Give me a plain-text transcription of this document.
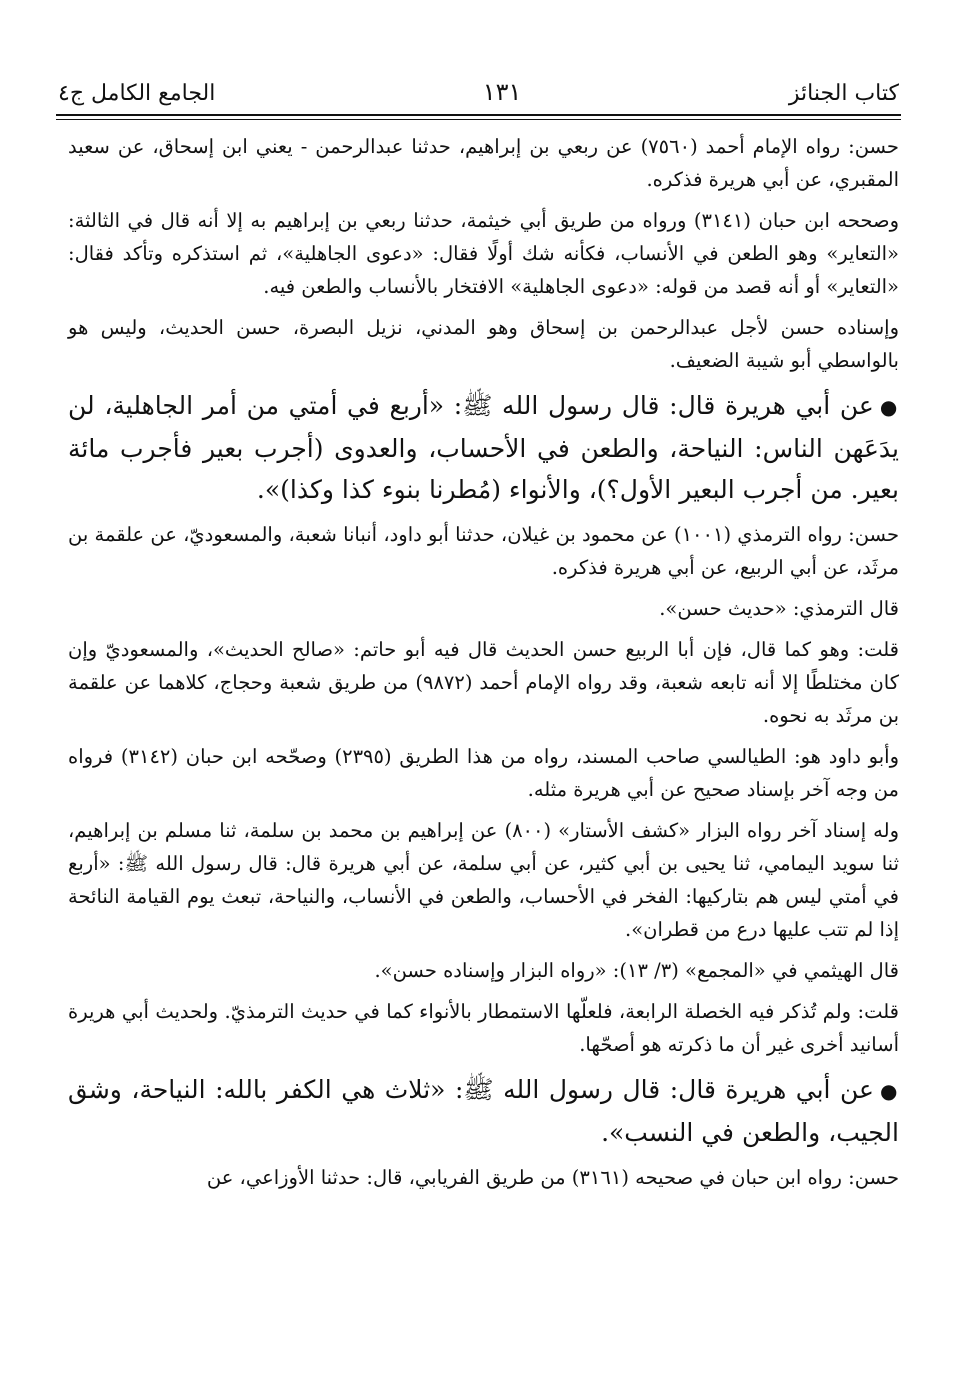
كتاب الجنائز
١٣١
الجامع الكامل ج٤

حسن: رواه الإمام أحمد (٧٥٦٠) عن ربعي بن إبراهيم، حدثنا عبدالرحمن - يعني ابن إسحاق، عن سعيد المقبري، عن أبي هريرة فذكره.

وصححه ابن حبان (٣١٤١) ورواه من طريق أبي خيثمة، حدثنا ربعي بن إبراهيم به إلا أنه قال في الثالثة: «التعاير» وهو الطعن في الأنساب، فكأنه شك أولًا فقال: «دعوى الجاهلية»، ثم استذكره وتأكد فقال: «التعاير» أو أنه قصد من قوله: «دعوى الجاهلية» الافتخار بالأنساب والطعن فيه.

وإسناده حسن لأجل عبدالرحمن بن إسحاق وهو المدني، نزيل البصرة، حسن الحديث، وليس هو بالواسطي أبو شيبة الضعيف.

●عن أبي هريرة قال: قال رسول الله ﷺ: «أربع في أمتي من أمر الجاهلية، لن يدَعَهن الناس: النياحة، والطعن في الأحساب، والعدوى (أجرب بعير فأجرب مائة بعير. من أجرب البعير الأول؟)، والأنواء (مُطرنا بنوء كذا وكذا)».

حسن: رواه الترمذي (١٠٠١) عن محمود بن غيلان، حدثنا أبو داود، أنبانا شعبة، والمسعوديّ، عن علقمة بن مرثَد، عن أبي الربيع، عن أبي هريرة فذكره.

قال الترمذي: «حديث حسن».

قلت: وهو كما قال، فإن أبا الربيع حسن الحديث قال فيه أبو حاتم: «صالح الحديث»، والمسعوديّ وإن كان مختلطًا إلا أنه تابعه شعبة، وقد رواه الإمام أحمد (٩٨٧٢) من طريق شعبة وحجاج، كلاهما عن علقمة بن مرثَد به نحوه.

وأبو داود هو: الطيالسي صاحب المسند، رواه من هذا الطريق (٢٣٩٥) وصحّحه ابن حبان (٣١٤٢) فرواه من وجه آخر بإسناد صحيح عن أبي هريرة مثله.

وله إسناد آخر رواه البزار «كشف الأستار» (٨٠٠) عن إبراهيم بن محمد بن سلمة، ثنا مسلم بن إبراهيم، ثنا سويد اليمامي، ثنا يحيى بن أبي كثير، عن أبي سلمة، عن أبي هريرة قال: قال رسول الله ﷺ: «أربع في أمتي ليس هم بتاركيها: الفخر في الأحساب، والطعن في الأنساب، والنياحة، تبعث يوم القيامة النائحة إذا لم تتب عليها درع من قطران».

قال الهيثمي في «المجمع» (٣/ ١٣): «رواه البزار وإسناده حسن».

قلت: ولم تُذكر فيه الخصلة الرابعة، فلعلّها الاستمطار بالأنواء كما في حديث الترمذيّ. ولحديث أبي هريرة أسانيد أخرى غير أن ما ذكرته هو أصحّها.

●عن أبي هريرة قال: قال رسول الله ﷺ: «ثلاث هي الكفر بالله: النياحة، وشق الجيب، والطعن في النسب».

حسن: رواه ابن حبان في صحيحه (٣١٦١) من طريق الفريابي، قال: حدثنا الأوزاعي، عن
